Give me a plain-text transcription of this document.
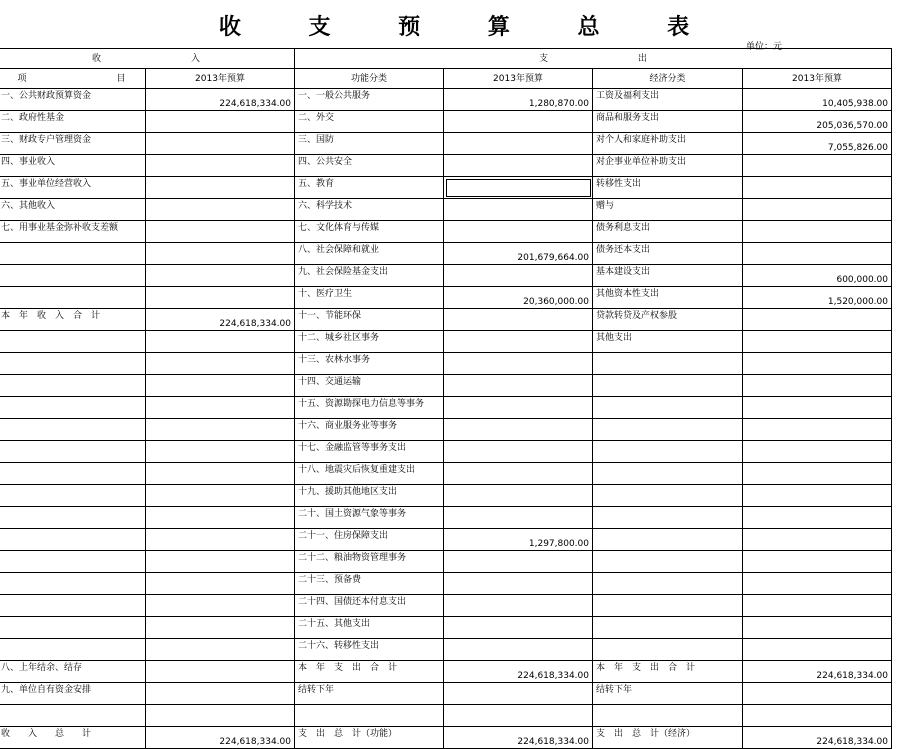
收 支 预 算 总 表
单位：元
收　　　　　　　　　　入		支　　　　　　　　　　出			
项　　　　　　　　　　目	2013年预算	功能分类	2013年预算	经济分类	2013年预算
一、公共财政预算资金	224,618,334.00	一、一般公共服务	1,280,870.00	工资及福利支出	10,405,938.00
二、政府性基金		二、外交		商品和服务支出	205,036,570.00
三、财政专户管理资金		三、国防		对个人和家庭补助支出	7,055,826.00
四、事业收入		四、公共安全		对企事业单位补助支出	
五、事业单位经营收入		五、教育		转移性支出	
六、其他收入		六、科学技术		赠与	
七、用事业基金弥补收支差额		七、文化体育与传媒		债务利息支出	
		八、社会保障和就业	201,679,664.00	债务还本支出	
		九、社会保险基金支出		基本建设支出	600,000.00
		十、医疗卫生	20,360,000.00	其他资本性支出	1,520,000.00
本　年　收　入　合　计	224,618,334.00	十一、节能环保		贷款转贷及产权参股	
		十二、城乡社区事务		其他支出	
		十三、农林水事务			
		十四、交通运输			
		十五、资源勘探电力信息等事务			
		十六、商业服务业等事务			
		十七、金融监管等事务支出			
		十八、地震灾后恢复重建支出			
		十九、援助其他地区支出			
		二十、国土资源气象等事务			
		二十一、住房保障支出	1,297,800.00		
		二十二、粮油物资管理事务			
		二十三、预备费			
		二十四、国债还本付息支出			
		二十五、其他支出			
		二十六、转移性支出			
八、上年结余、结存		本　年　支　出　合　计	224,618,334.00	本　年　支　出　合　计	224,618,334.00
九、单位自有资金安排		结转下年		结转下年	

收　　入　　总　　计	224,618,334.00	支　出　总　计（功能）	224,618,334.00	支　出　总　计（经济）	224,618,334.00
